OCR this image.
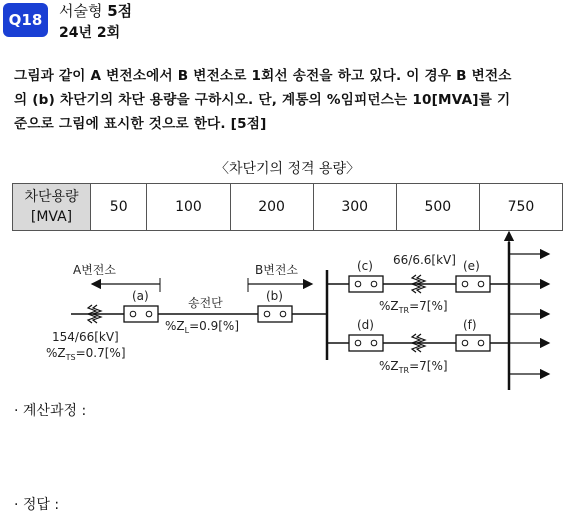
Q18	서술형 5점
24년 2회
그림과 같이 A 변전소에서 B 변전소로 1회선 송전을 하고 있다. 이 경우 B 변전소
의 (b) 차단기의 차단 용량을 구하시오. 단, 계통의 %임피던스는 10[MVA]를 기
준으로 그림에 표시한 것으로 한다. [5점]
〈차단기의 정격 용량〉
차단용량
[MVA]
	50	100	200	300	500	750
A변전소	B변전소
154/66[kV]
$\%Z_{TS}=0.7[\%]$
(a)	송전단
$\%Z_L=0.9[\%]$
(b)
(c) 66/6.6[kV] (e)
$\%Z_{TR}=7[\%]$
(d)	(f)
$\%Z_{TR}=7[\%]$
· 계산과정 :
· 정답 :
